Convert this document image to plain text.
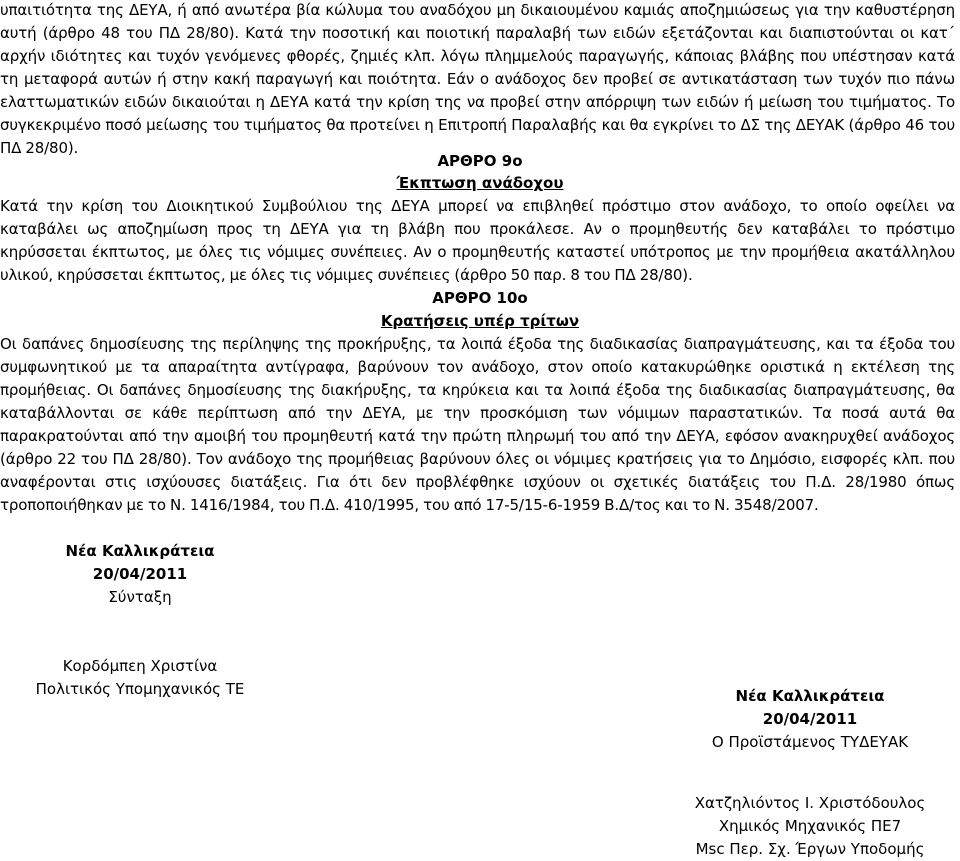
υπαιτιότητα της ΔΕΥΑ, ή από ανωτέρα βία κώλυμα του αναδόχου μη δικαιουμένου καμιάς αποζημιώσεως για την καθυστέρηση αυτή (άρθρο 48 του ΠΔ 28/80). Κατά την ποσοτική και ποιοτική παραλαβή των ειδών εξετάζονται και διαπιστούνται οι κατ΄ αρχήν ιδιότητες και τυχόν γενόμενες φθορές, ζημιές κλπ. λόγω πλημμελούς παραγωγής, κάποιας βλάβης που υπέστησαν κατά τη μεταφορά αυτών ή στην κακή παραγωγή και ποιότητα. Εάν ο ανάδοχος δεν προβεί σε αντικατάσταση των τυχόν πιο πάνω ελαττωματικών ειδών δικαιούται η ΔΕΥΑ κατά την κρίση της να προβεί στην απόρριψη των ειδών ή μείωση του τιμήματος. Το συγκεκριμένο ποσό μείωσης του τιμήματος θα προτείνει η Επιτροπή Παραλαβής και θα εγκρίνει το ΔΣ της ΔΕΥΑΚ (άρθρο 46 του ΠΔ 28/80).
ΑΡΘΡΟ 9ο
Έκπτωση ανάδοχου
Κατά την κρίση του Διοικητικού Συμβούλιου της ΔΕΥΑ μπορεί να επιβληθεί πρόστιμο στον ανάδοχο, το οποίο οφείλει να καταβάλει ως αποζημίωση προς τη ΔΕΥΑ για τη βλάβη που προκάλεσε. Αν ο προμηθευτής δεν καταβάλει το πρόστιμο κηρύσσεται έκπτωτος, με όλες τις νόμιμες συνέπειες. Αν ο προμηθευτής καταστεί υπότροπος με την προμήθεια ακατάλληλου υλικού, κηρύσσεται έκπτωτος, με όλες τις νόμιμες συνέπειες (άρθρο 50 παρ. 8 του ΠΔ 28/80).
ΑΡΘΡΟ 10ο
Κρατήσεις υπέρ τρίτων
Οι δαπάνες δημοσίευσης της περίληψης της προκήρυξης, τα λοιπά έξοδα της διαδικασίας διαπραγμάτευσης, και τα έξοδα του συμφωνητικού με τα απαραίτητα αντίγραφα, βαρύνουν τον ανάδοχο, στον οποίο κατακυρώθηκε οριστικά η εκτέλεση της προμήθειας. Οι δαπάνες δημοσίευσης της διακήρυξης, τα κηρύκεια και τα λοιπά έξοδα της διαδικασίας διαπραγμάτευσης, θα καταβάλλονται σε κάθε περίπτωση από την ΔΕΥΑ, με την προσκόμιση των νόμιμων παραστατικών. Τα ποσά αυτά θα παρακρατούνται από την αμοιβή του προμηθευτή κατά την πρώτη πληρωμή του από την ΔΕΥΑ, εφόσον ανακηρυχθεί ανάδοχος (άρθρο 22 του ΠΔ 28/80). Τον ανάδοχο της προμήθειας βαρύνουν όλες οι νόμιμες κρατήσεις για το Δημόσιο, εισφορές κλπ. που αναφέρονται στις ισχύουσες διατάξεις. Για ότι δεν προβλέφθηκε ισχύουν οι σχετικές διατάξεις του Π.Δ. 28/1980 όπως τροποποιήθηκαν με το Ν. 1416/1984, του Π.Δ. 410/1995, του από 17-5/15-6-1959 Β.Δ/τος και το Ν. 3548/2007.
Νέα Καλλικράτεια
20/04/2011
Σύνταξη
Κορδόμπεη Χριστίνα
Πολιτικός Υποµηχανικός ΤΕ	Νέα Καλλικράτεια
20/04/2011
Ο Προϊστάμενος ΤΥΔΕΥΑΚ
Χατζηλιόντος Ι. Χριστόδουλος
Χημικός Μηχανικός ΠΕ7
Msc Περ. Σχ. Έργων Υποδομής
